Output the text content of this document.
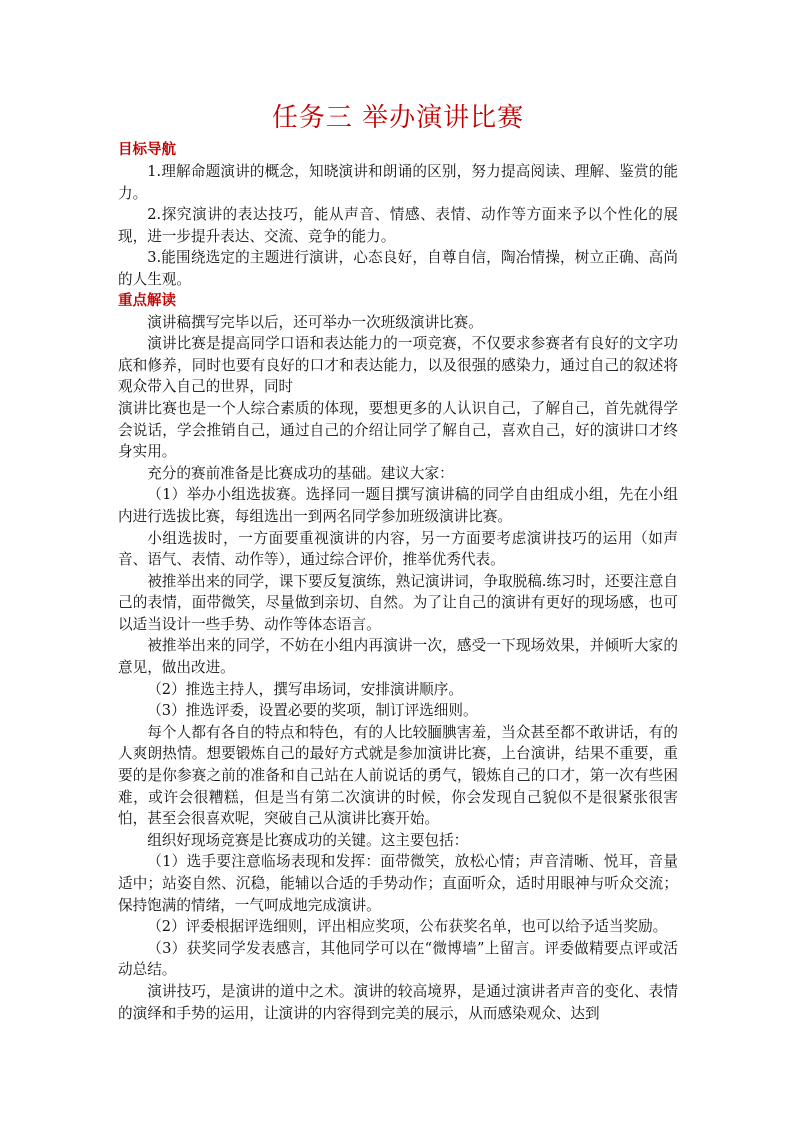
任务三 举办演讲比赛
目标导航

1.理解命题演讲的概念，知晓演讲和朗诵的区别，努力提高阅读、理解、鉴赏的能力。

2.探究演讲的表达技巧，能从声音、情感、表情、动作等方面来予以个性化的展现，进一步提升表达、交流、竞争的能力。

3.能围绕选定的主题进行演讲，心态良好，自尊自信，陶冶情操，树立正确、高尚的人生观。

重点解读

演讲稿撰写完毕以后，还可举办一次班级演讲比赛。

演讲比赛是提高同学口语和表达能力的一项竞赛，不仅要求参赛者有良好的文字功底和修养，同时也要有良好的口才和表达能力，以及很强的感染力，通过自己的叙述将观众带入自己的世界，同时

演讲比赛也是一个人综合素质的体现，要想更多的人认识自己，了解自己，首先就得学会说话，学会推销自己，通过自己的介绍让同学了解自己，喜欢自己，好的演讲口才终身实用。

充分的赛前准备是比赛成功的基础。建议大家：

（1）举办小组选拔赛。选择同一题目撰写演讲稿的同学自由组成小组，先在小组内进行选拔比赛，每组选出一到两名同学参加班级演讲比赛。

小组选拔时，一方面要重视演讲的内容，另一方面要考虑演讲技巧的运用（如声音、语气、表情、动作等），通过综合评价，推举优秀代表。

被推举出来的同学，课下要反复演练，熟记演讲词，争取脱稿.练习时，还要注意自己的表情，面带微笑，尽量做到亲切、自然。为了让自己的演讲有更好的现场感，也可以适当设计一些手势、动作等体态语言。

被推举出来的同学，不妨在小组内再演讲一次，感受一下现场效果，并倾听大家的意见，做出改进。

（2）推选主持人，撰写串场词，安排演讲顺序。

（3）推选评委，设置必要的奖项，制订评选细则。

每个人都有各自的特点和特色，有的人比较腼腆害羞，当众甚至都不敢讲话，有的人爽朗热情。想要锻炼自己的最好方式就是参加演讲比赛，上台演讲，结果不重要，重要的是你参赛之前的准备和自己站在人前说话的勇气，锻炼自己的口才，第一次有些困难，或许会很糟糕，但是当有第二次演讲的时候，你会发现自己貌似不是很紧张很害怕，甚至会很喜欢呢，突破自己从演讲比赛开始。

组织好现场竞赛是比赛成功的关键。这主要包括：

（1）选手要注意临场表现和发挥：面带微笑，放松心情；声音清晰、悦耳，音量适中；站姿自然、沉稳，能辅以合适的手势动作；直面听众，适时用眼神与听众交流；保持饱满的情绪，一气呵成地完成演讲。

（2）评委根据评选细则，评出相应奖项，公布获奖名单，也可以给予适当奖励。

（3）获奖同学发表感言，其他同学可以在“微博墙”上留言。评委做精要点评或活动总结。

演讲技巧，是演讲的道中之术。演讲的较高境界，是通过演讲者声音的变化、表情的演绎和手势的运用，让演讲的内容得到完美的展示，从而感染观众、达到
